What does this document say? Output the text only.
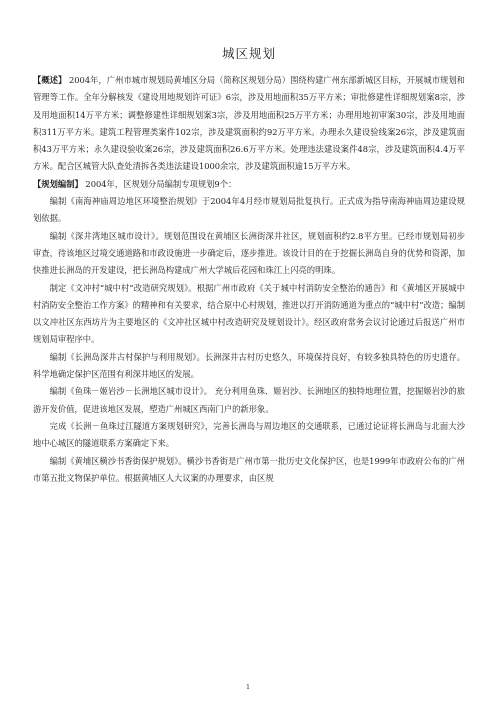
城区规划

【概述】 2004年，广州市城市规划局黄埔区分局（简称区规划分局）围绕构建广州东部新城区目标，开展城市规划和管理等工作。全年分解核发《建设用地规划许可证》6宗，涉及用地面积35万平方米；审批修建性详细规划案8宗，涉及用地面积14万平方米；调整修建性详细规划案3宗，涉及用地面积25万平方米；办理用地初审案30宗，涉及用地面积311万平方米。建筑工程管理类案件102宗，涉及建筑面积约92万平方米。办理永久建设验线案26宗，涉及建筑面积43万平方米；永久建设验收案26宗，涉及建筑面积26.6万平方米。处理违法建设案件48宗，涉及建筑面积4.4万平方米。配合区城管大队查处清拆各类违法建设1000余宗，涉及建筑面积逾15万平方米。

【规划编制】 2004年，区规划分局编制专项规划9个：

编制《南海神庙周边地区环境整治规划》于2004年4月经市规划局批复执行。正式成为指导南海神庙周边建设规划依据。

编制《深井湾地区城市设计》。规划范围设在黄埔区长洲街深井社区，规划面积约2.8平方里。已经市规划局初步审查，待该地区过境交通道路和市政设施进一步确定后，逐步推进。该设计目的在于挖掘长洲岛自身的优势和资源，加快推进长洲岛的开发建设，把长洲岛构建成广州大学城后花园和珠江上闪亮的明珠。

制定《文冲村“城中村”改造研究规划》。根据广州市政府《关于城中村消防安全整治的通告》和《黄埔区开展城中村消防安全整治工作方案》的精神和有关要求，结合原中心村规划，推进以打开消防通道为重点的“城中村”改造；编制以文冲社区东西坊片为主要地区的《文冲社区城中村改造研究及规划设计》。经区政府常务会议讨论通过后报送广州市规划局审程序中。

编制《长洲岛深井古村保护与利用规划》。长洲深井古村历史悠久，环境保持良好，有较多独具特色的历史遗存。科学地确定保护区范围有利深井地区的发展。

编制《鱼珠－姬岩沙－长洲地区城市设计》。 充分利用鱼珠、姬岩沙、长洲地区的独特地理位置，挖掘姬岩沙的旅游开发价值，促进该地区发展，塑造广州城区西南门户的新形象。

完成《长洲－鱼珠过江隧道方案规划研究》，完善长洲岛与周边地区的交通联系，已通过论证将长洲岛与北面大沙地中心城区的隧道联系方案确定下来。

编制《黄埔区横沙书香街保护规划》。横沙书香街是广州市第一批历史文化保护区，也是1999年市政府公布的广州市第五批文物保护单位。根据黄埔区人大议案的办理要求，由区规

1
